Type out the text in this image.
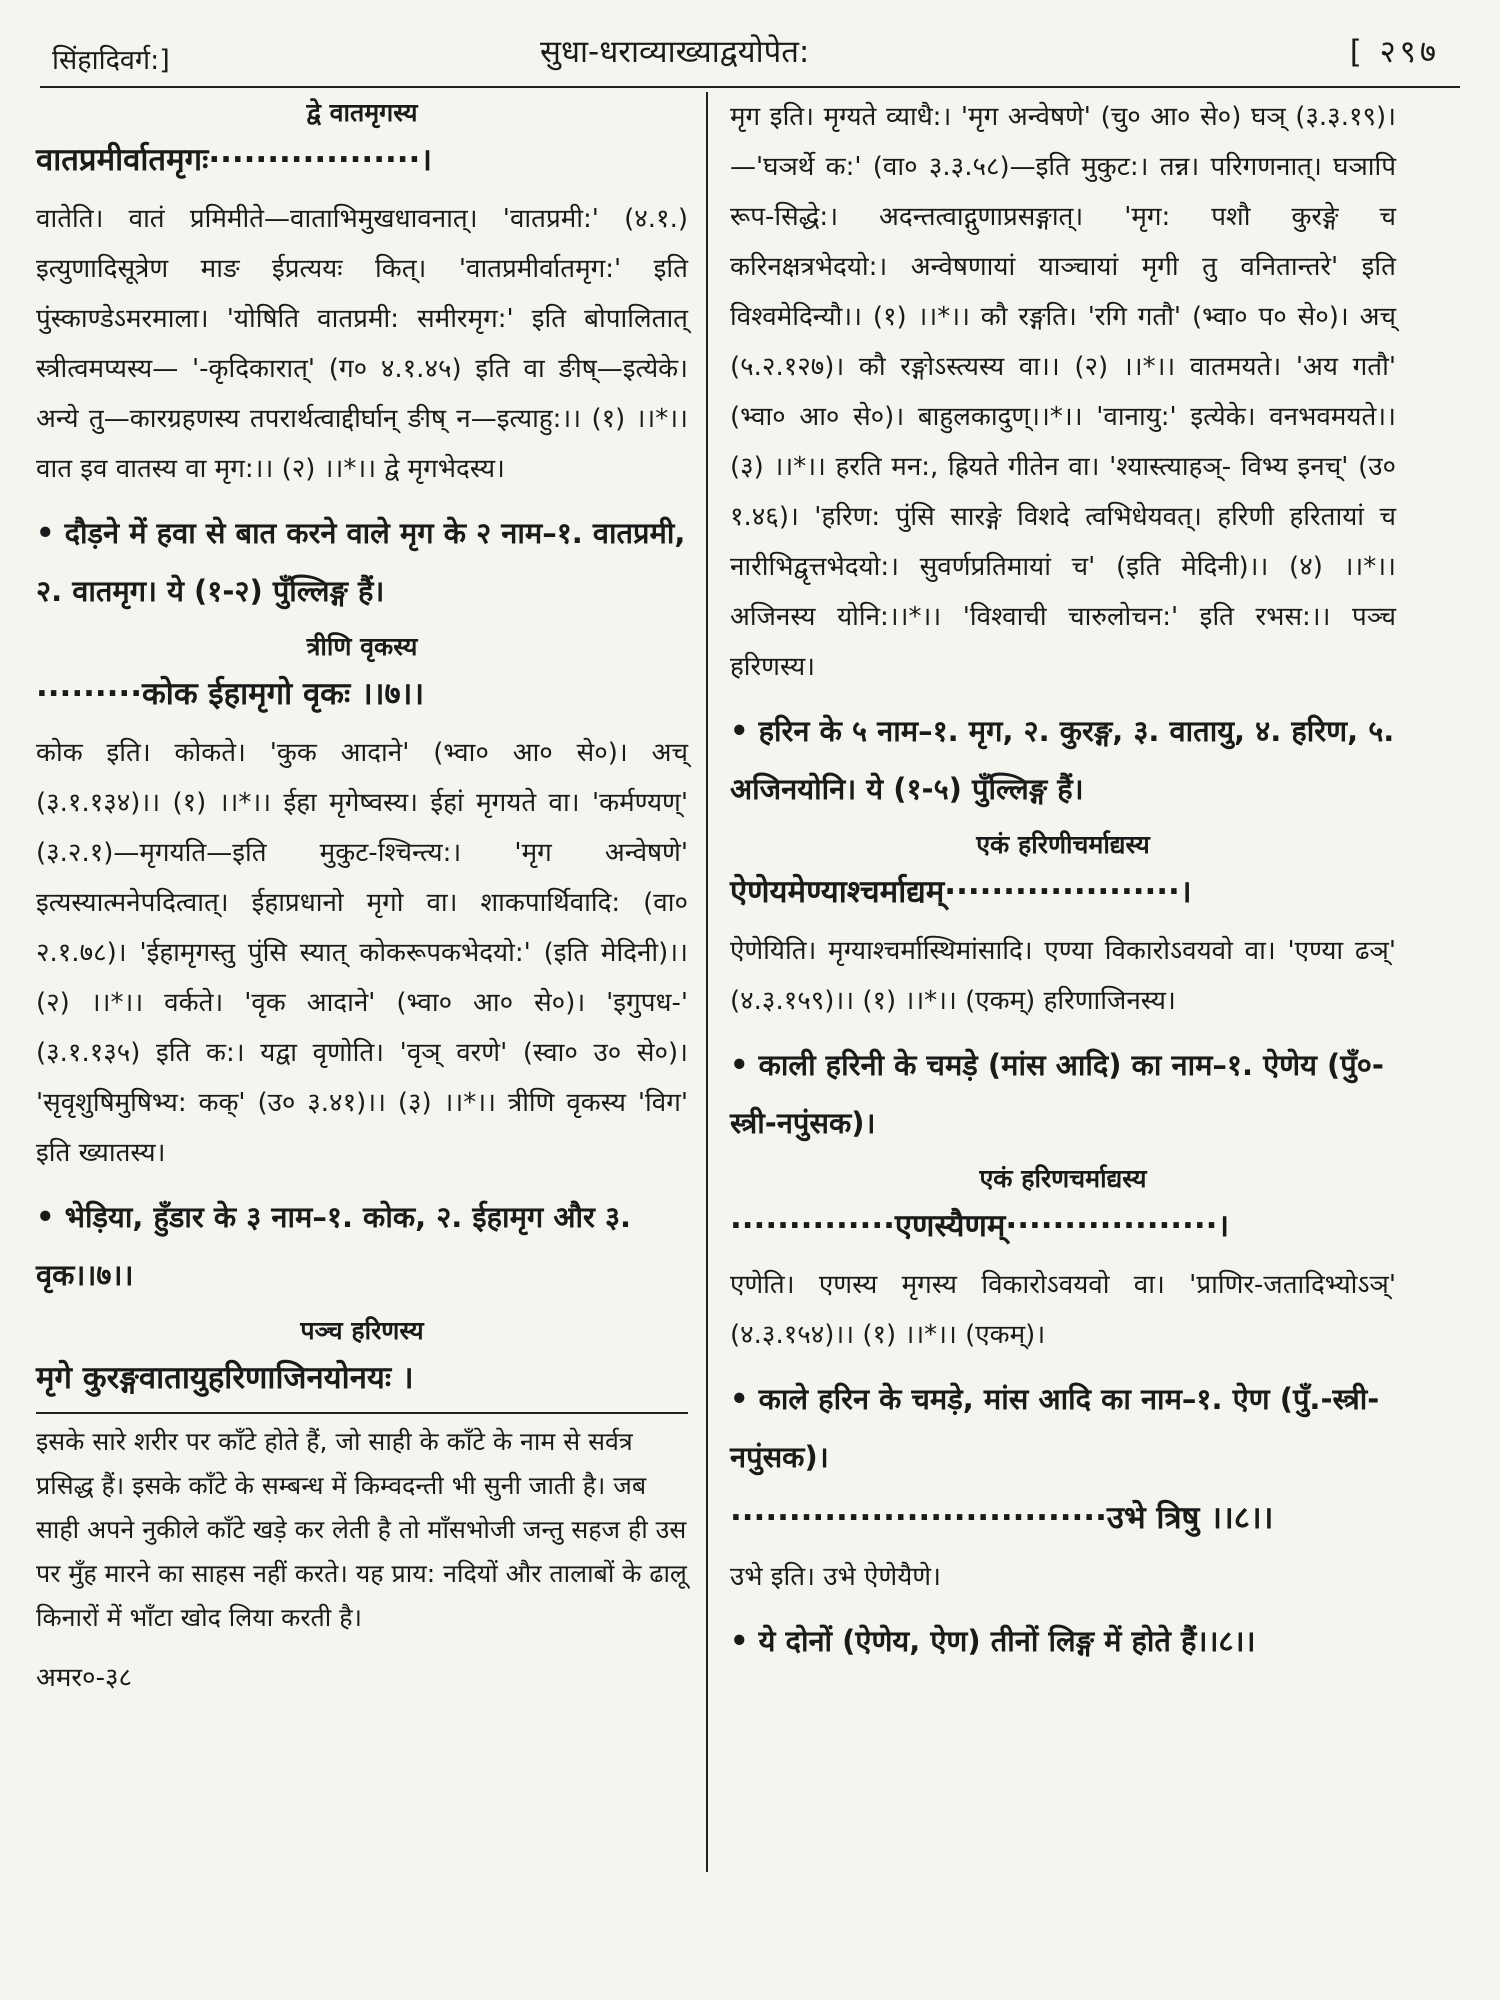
सिंहादिवर्ग:]	सुधा-धराव्याख्याद्वयोपेत:	[ २९७

द्वे वातमृगस्य

वातप्रमीर्वातमृगः··················।

वातेति। वातं प्रमिमीते—वाताभिमुखधावनात्। 'वातप्रमी:' (४.१.) इत्युणादिसूत्रेण माङ ईप्रत्ययः कित्। 'वातप्रमीर्वातमृग:' इति पुंस्काण्डेऽमरमाला। 'योषिति वातप्रमी: समीरमृग:' इति बोपालितात् स्त्रीत्वमप्यस्य— '-कृदिकारात्' (ग० ४.१.४५) इति वा ङीष्—इत्येके। अन्ये तु—कारग्रहणस्य तपरार्थत्वाद्दीर्घान् ङीष् न—इत्याहु:।। (१) ।।*।। वात इव वातस्य वा मृग:।। (२) ।।*।। द्वे मृगभेदस्य।

• दौड़ने में हवा से बात करने वाले मृग के २ नाम–१. वातप्रमी, २. वातमृग। ये (१-२) पुँल्लिङ्ग हैं।

त्रीणि वृकस्य

·········कोक ईहामृगो वृकः ।।७।।

कोक इति। कोकते। 'कुक आदाने' (भ्वा० आ० से०)। अच् (३.१.१३४)।। (१) ।।*।। ईहा मृगेष्वस्य। ईहां मृगयते वा। 'कर्मण्यण्' (३.२.१)—मृगयति—इति मुकुट-श्चिन्त्य:। 'मृग अन्वेषणे' इत्यस्यात्मनेपदित्वात्। ईहाप्रधानो मृगो वा। शाकपार्थिवादि: (वा० २.१.७८)। 'ईहामृगस्तु पुंसि स्यात् कोकरूपकभेदयो:' (इति मेदिनी)।। (२) ।।*।। वर्कते। 'वृक आदाने' (भ्वा० आ० से०)। 'इगुपध-' (३.१.१३५) इति क:। यद्वा वृणोति। 'वृञ् वरणे' (स्वा० उ० से०)। 'सृवृशुषिमुषिभ्य: कक्' (उ० ३.४१)।। (३) ।।*।। त्रीणि वृकस्य 'विग' इति ख्यातस्य।

• भेड़िया, हुँडार के ३ नाम–१. कोक, २. ईहामृग और ३. वृक।।७।।

पञ्च हरिणस्य

मृगे कुरङ्गवातायुहरिणाजिनयोनयः ।

इसके सारे शरीर पर काँटे होते हैं, जो साही के काँटे के नाम से सर्वत्र प्रसिद्ध हैं। इसके काँटे के सम्बन्ध में किम्वदन्ती भी सुनी जाती है। जब साही अपने नुकीले काँटे खड़े कर लेती है तो माँसभोजी जन्तु सहज ही उस पर मुँह मारने का साहस नहीं करते। यह प्राय: नदियों और तालाबों के ढालू किनारों में भाँटा खोद लिया करती है।
अमर०-३८

मृग इति। मृग्यते व्याधै:। 'मृग अन्वेषणे' (चु० आ० से०) घञ् (३.३.१९)।—'घञर्थे क:' (वा० ३.३.५८)—इति मुकुट:। तन्न। परिगणनात्। घञापि रूप-सिद्धे:। अदन्तत्वाद्गुणाप्रसङ्गात्। 'मृग: पशौ कुरङ्गे च करिनक्षत्रभेदयो:। अन्वेषणायां याञ्चायां मृगी तु वनितान्तरे' इति विश्वमेदिन्यौ।। (१) ।।*।। कौ रङ्गति। 'रगि गतौ' (भ्वा० प० से०)। अच् (५.२.१२७)। कौ रङ्गोऽस्त्यस्य वा।। (२) ।।*।। वातमयते। 'अय गतौ' (भ्वा० आ० से०)। बाहुलकादुण्।।*।। 'वानायु:' इत्येके। वनभवमयते।। (३) ।।*।। हरति मन:, ह्रियते गीतेन वा। 'श्यास्त्याहञ्- विभ्य इनच्' (उ० १.४६)। 'हरिण: पुंसि सारङ्गे विशदे त्वभिधेयवत्। हरिणी हरितायां च नारीभिद्वृत्तभेदयो:। सुवर्णप्रतिमायां च' (इति मेदिनी)।। (४) ।।*।। अजिनस्य योनि:।।*।। 'विश्वाची चारुलोचन:' इति रभस:।। पञ्च हरिणस्य।

• हरिन के ५ नाम–१. मृग, २. कुरङ्ग, ३. वातायु, ४. हरिण, ५. अजिनयोनि। ये (१-५) पुँल्लिङ्ग हैं।

एकं हरिणीचर्माद्यस्य

ऐणेयमेण्याश्चर्माद्यम्····················।

ऐणेयिति। मृग्याश्चर्मास्थिमांसादि। एण्या विकारोऽवयवो वा। 'एण्या ढञ्' (४.३.१५९)।। (१) ।।*।। (एकम्) हरिणाजिनस्य।

• काली हरिनी के चमड़े (मांस आदि) का नाम–१. ऐणेय (पुँ०-स्त्री-नपुंसक)।

एकं हरिणचर्माद्यस्य

··············एणस्यैणम्··················।

एणेति। एणस्य मृगस्य विकारोऽवयवो वा। 'प्राणिर-जतादिभ्योऽञ्' (४.३.१५४)।। (१) ।।*।। (एकम्)।

• काले हरिन के चमड़े, मांस आदि का नाम–१. ऐण (पुँ.-स्त्री-नपुंसक)।

································उभे त्रिषु ।।८।।

उभे इति। उभे ऐणेयैणे।

• ये दोनों (ऐणेय, ऐण) तीनों लिङ्ग में होते हैं।।८।।
